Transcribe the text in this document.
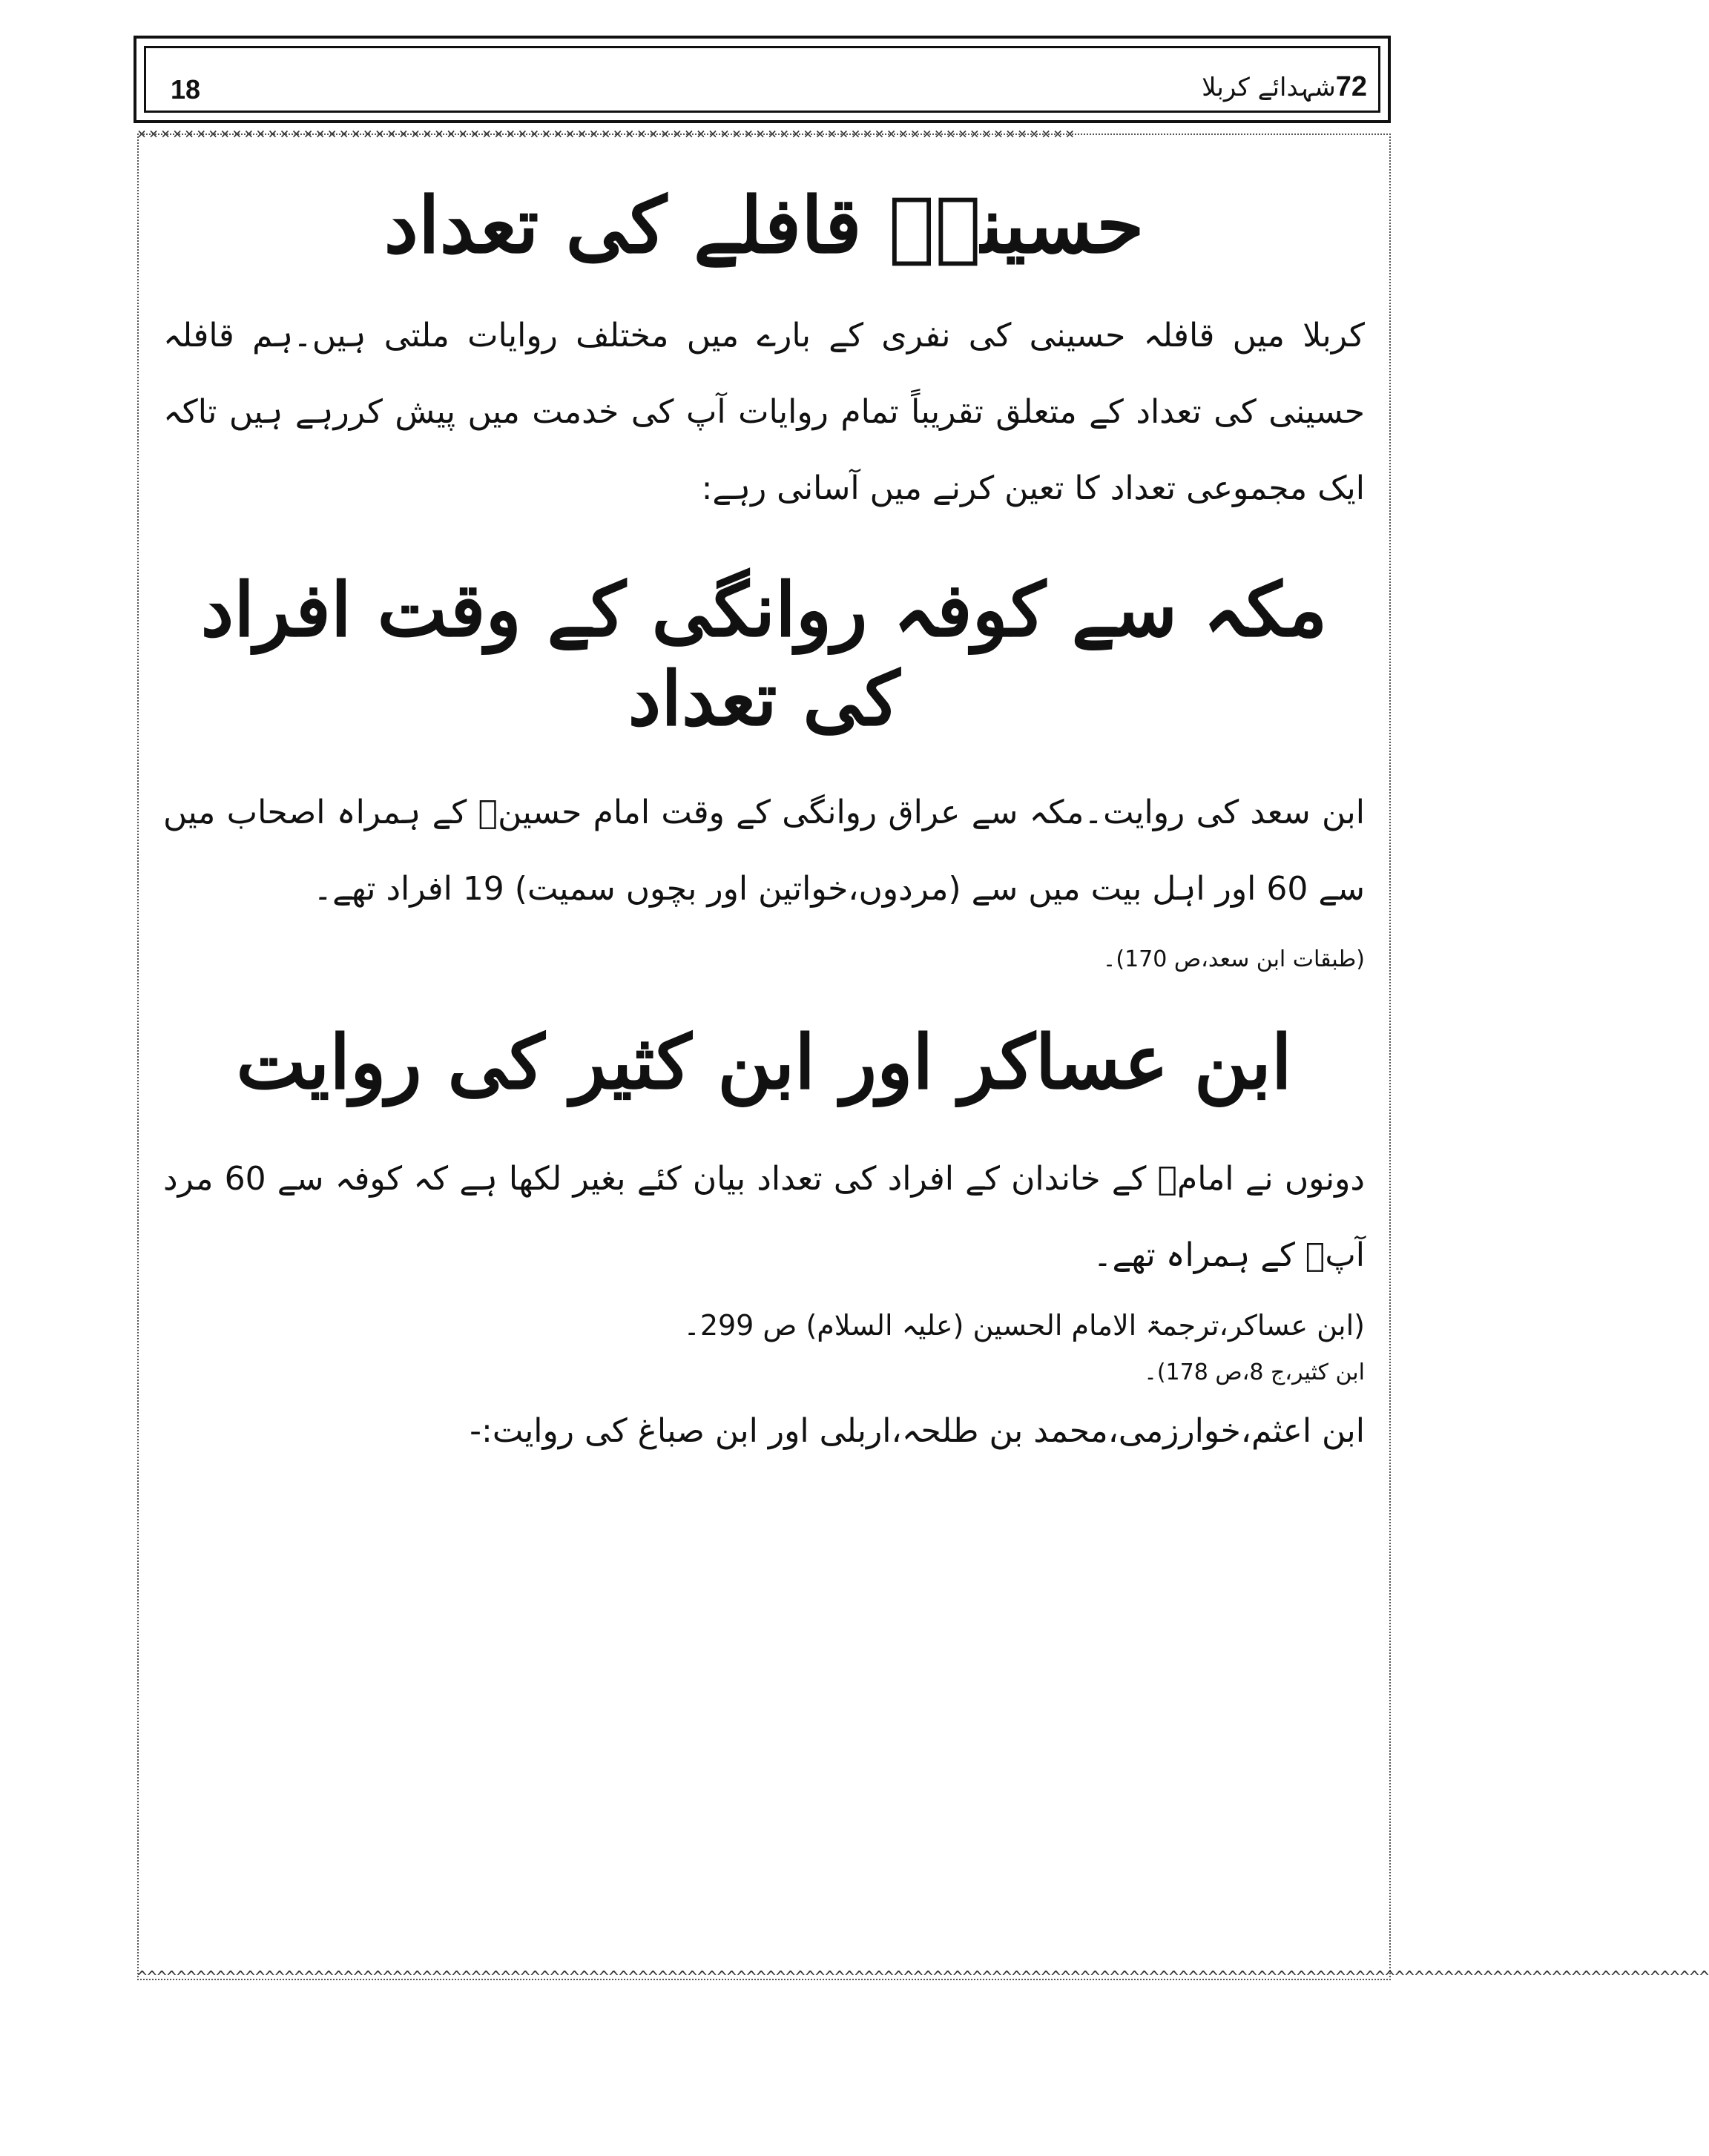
18	72شہدائے کربلا
×××××××××××××××××××××××××××××××××××××××××××××××××××××××××××××××××××××××××××××××
^^^^^^^^^^^^^^^^^^^^^^^^^^^^^^^^^^^^^^^^^^^^^^^^^^^^^^^^^^^^^^^^^^^^^^^^^^^^^^^^^^^^^^^^^^^^^^^^^^^^^^^^^^^^^^^^^^^^^^^^^^^^^^^^^^^^^^^^^^^^^^^^^^^^^^^^^^^^^^^^
حسینیؑ قافلے کی تعداد

کربلا میں قافلہ حسینی کی نفری کے بارے میں مختلف روایات ملتی ہیں۔ہم قافلہ حسینی کی تعداد کے متعلق تقریباً تمام روایات آپ کی خدمت میں پیش کررہے ہیں تاکہ ایک مجموعی تعداد کا تعین کرنے میں آسانی رہے:

مکہ سے کوفہ روانگی کے وقت افراد کی تعداد

ابن سعد کی روایت۔مکہ سے عراق روانگی کے وقت امام حسینؑ کے ہمراہ اصحاب میں سے 60 اور اہل بیت میں سے (مردوں،خواتین اور بچوں سمیت) 19 افراد تھے۔

(طبقات ابن سعد،ص 170)۔
ابن عساکر اور ابن کثیر کی روایت

دونوں نے امامؑ کے خاندان کے افراد کی تعداد بیان کئے بغیر لکھا ہے کہ کوفہ سے 60 مرد آپؑ کے ہمراہ تھے۔

(ابن عساکر،ترجمۃ الامام الحسین (علیہ السلام) ص 299۔
ابن کثیر،ج 8،ص 178)۔
ابن اعثم،خوارزمی،محمد بن طلحہ،اربلی اور ابن صباغ کی روایت:-
